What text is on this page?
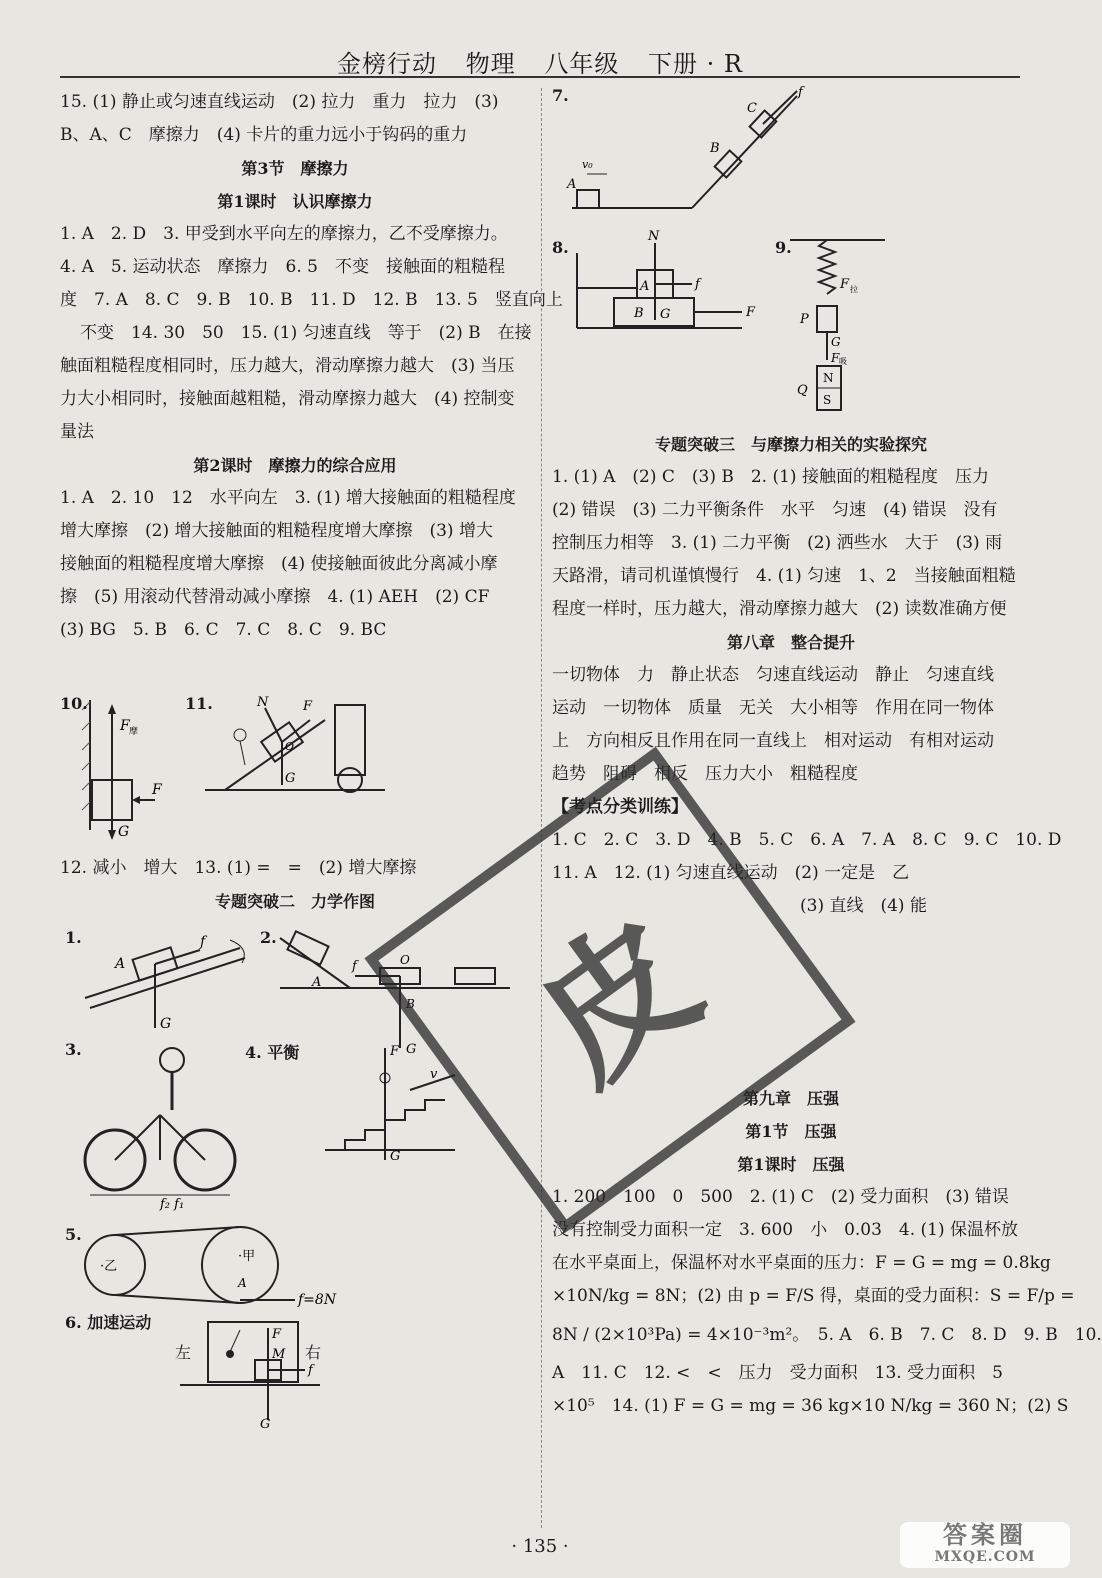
金榜行动 物理 八年级 下册 · R
15. (1) 静止或匀速直线运动　(2) 拉力　重力　拉力　(3)
B、A、C　摩擦力　(4) 卡片的重力远小于钩码的重力
第3节　摩擦力
第1课时　认识摩擦力
1. A　2. D　3. 甲受到水平向左的摩擦力，乙不受摩擦力。
4. A　5. 运动状态　摩擦力　6. 5　不变　接触面的粗糙程
度　7. A　8. C　9. B　10. B　11. D　12. B　13. 5　竖直向上
不变　14. 30　50　15. (1) 匀速直线　等于　(2) B　在接
触面粗糙程度相同时，压力越大，滑动摩擦力越大　(3) 当压
力大小相同时，接触面越粗糙，滑动摩擦力越大　(4) 控制变
量法
第2课时　摩擦力的综合应用
1. A　2. 10　12　水平向左　3. (1) 增大接触面的粗糙程度
增大摩擦　(2) 增大接触面的粗糙程度增大摩擦　(3) 增大
接触面的粗糙程度增大摩擦　(4) 使接触面彼此分离减小摩
擦　(5) 用滚动代替滑动减小摩擦　4. (1) AEH　(2) CF
(3) BG　5. B　6. C　7. C　8. C　9. BC
10.
F 摩
F
G
11.
G
N	F
O
12. 减小　增大　13. (1) =　=　(2) 增大摩擦
专题突破二　力学作图
1.
A
f
G
2.
A
O
f
B
G
3.
f₂ f₁
4. 平衡	F
G
v
5.
·乙
·甲
A
f=8N
6. 加速运动
左	右
F
M
f
G
7.
A
v₀
B
C
f
8.
B
A
N
f
G	F
9.
P
F 拉
G
F 吸
N
S
Q
专题突破三　与摩擦力相关的实验探究
1. (1) A　(2) C　(3) B　2. (1) 接触面的粗糙程度　压力
(2) 错误　(3) 二力平衡条件　水平　匀速　(4) 错误　没有
控制压力相等　3. (1) 二力平衡　(2) 洒些水　大于　(3) 雨
天路滑，请司机谨慎慢行　4. (1) 匀速　1、2　当接触面粗糙
程度一样时，压力越大，滑动摩擦力越大　(2) 读数准确方便
第八章　整合提升
一切物体　力　静止状态　匀速直线运动　静止　匀速直线
运动　一切物体　质量　无关　大小相等　作用在同一物体
上　方向相反且作用在同一直线上　相对运动　有相对运动
趋势　阻碍　相反　压力大小　粗糙程度
【考点分类训练】
1. C　2. C　3. D　4. B　5. C　6. A　7. A　8. C　9. C　10. D
11. A　12. (1) 匀速直线运动　(2) 一定是　乙
(3) 直线　(4) 能
第九章　压强
第1节　压强
第1课时　压强
1. 200　100　0　500　2. (1) C　(2) 受力面积　(3) 错误
没有控制受力面积一定　3. 600　小　0.03　4. (1) 保温杯放
在水平桌面上，保温杯对水平桌面的压力：F = G = mg = 0.8kg
×10N/kg = 8N；(2) 由 p = F/S 得，桌面的受力面积：S = F/p =
8N / (2×10³Pa) = 4×10⁻³m²。　5. A　6. B　7. C　8. D　9. B　10.
A　11. C　12. <　<　压力　受力面积　13. 受力面积　5
×10⁵　14. (1) F = G = mg = 36 kg×10 N/kg = 360 N；(2) S
皮
· 135 ·	答案圈
MXQE.COM
